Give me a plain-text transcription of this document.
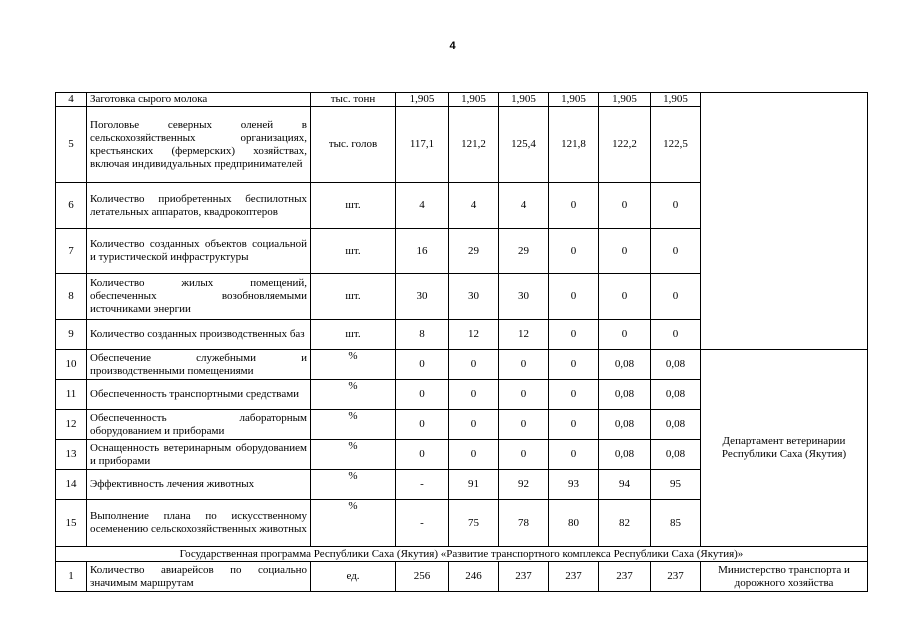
4
4	Заготовка сырого молока	тыс. тонн	1,905	1,905	1,905	1,905	1,905	1,905	
5	Поголовье северных оленей в сельскохозяйственных организациях, крестьянских (фермерских) хозяйствах, включая индивидуальных предпринимателей	тыс. голов	117,1	121,2	125,4	121,8	122,2	122,5	
6	Количество приобретенных беспилотных летательных аппаратов, квадрокоптеров	шт.	4	4	4	0	0	0	
7	Количество созданных объектов социальной и туристической инфраструктуры	шт.	16	29	29	0	0	0	
8	Количество жилых помещений, обеспеченных возобновляемыми источниками энергии	шт.	30	30	30	0	0	0	
9	Количество созданных производственных баз	шт.	8	12	12	0	0	0	
10	Обеспечение служебными и производственными помещениями	%	0	0	0	0	0,08	0,08	Департамент ветеринарии Республики Саха (Якутия)
11	Обеспеченность транспортными средствами	%	0	0	0	0	0,08	0,08	
12	Обеспеченность лабораторным оборудованием и приборами	%	0	0	0	0	0,08	0,08	
13	Оснащенность ветеринарным оборудованием и приборами	%	0	0	0	0	0,08	0,08	
14	Эффективность лечения животных	%	-	91	92	93	94	95	
15	Выполнение плана по искусственному осеменению сельскохозяйственных животных	%	-	75	78	80	82	85	
Государственная программа Республики Саха (Якутия) «Развитие транспортного комплекса Республики Саха (Якутия)»									
1	Количество авиарейсов по социально значимым маршрутам	ед.	256	246	237	237	237	237	Министерство транспорта и дорожного хозяйства
